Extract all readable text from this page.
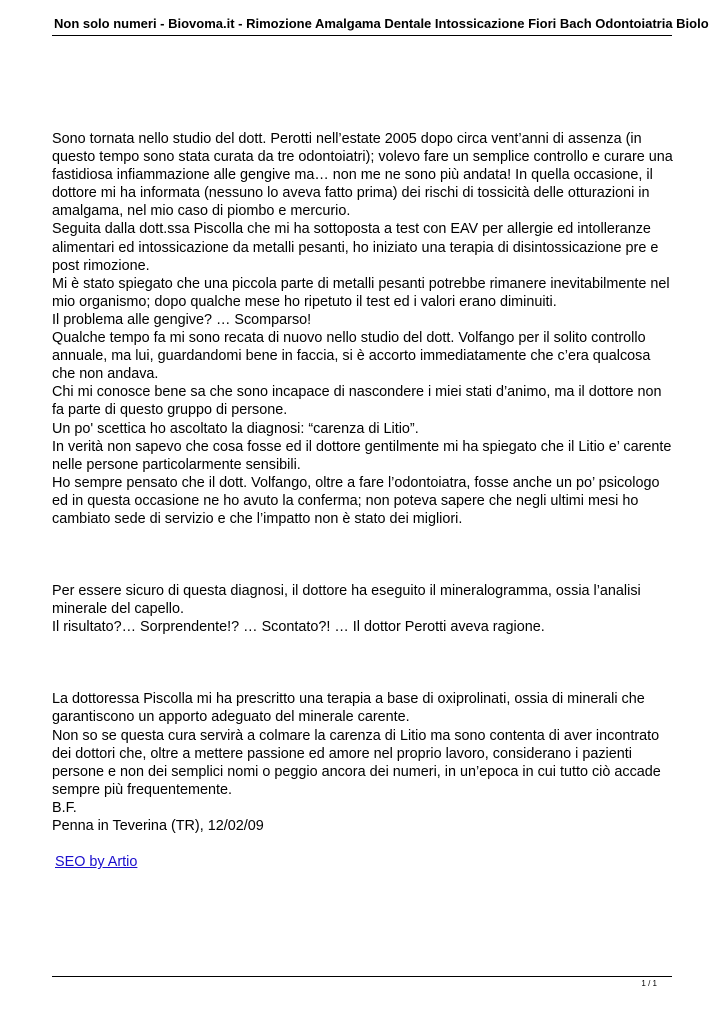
Non solo numeri - Biovoma.it - Rimozione Amalgama Dentale Intossicazione Fiori Bach Odontoiatria Biolo

Sono tornata nello studio del dott. Perotti nell’estate 2005 dopo circa vent’anni di assenza (in questo tempo sono stata curata da tre odontoiatri); volevo fare un semplice controllo e curare una fastidiosa infiammazione alle gengive ma… non me ne sono più andata! In quella occasione, il dottore mi ha informata (nessuno lo aveva fatto prima) dei rischi di tossicità delle otturazioni in amalgama, nel mio caso di piombo e mercurio.

Seguita dalla dott.ssa Piscolla che mi ha sottoposta a test con EAV per allergie ed intolleranze alimentari ed intossicazione da metalli pesanti, ho iniziato una terapia di disintossicazione pre e post rimozione.

Mi è stato spiegato che una piccola parte di metalli pesanti potrebbe rimanere inevitabilmente nel mio organismo; dopo qualche mese ho ripetuto il test ed i valori erano diminuiti.

Il problema alle gengive? … Scomparso!

Qualche tempo fa mi sono recata di nuovo nello studio del dott. Volfango per il solito controllo annuale, ma lui, guardandomi bene in faccia, si è accorto immediatamente che c’era qualcosa che non andava.

Chi mi conosce bene sa che sono incapace di nascondere i miei stati d’animo, ma il dottore non fa parte di questo gruppo di persone.

Un po' scettica ho ascoltato la diagnosi: “carenza di Litio”.

In verità non sapevo che cosa fosse ed il dottore gentilmente mi ha spiegato che il Litio e’ carente nelle persone particolarmente sensibili.

Ho sempre pensato che il dott. Volfango, oltre a fare l’odontoiatra, fosse anche un po’ psicologo ed in questa occasione ne ho avuto la conferma; non poteva sapere che negli ultimi mesi ho cambiato sede di servizio e che l’impatto non è stato dei migliori.

Per essere sicuro di questa diagnosi, il dottore ha eseguito il mineralogramma, ossia l’analisi minerale del capello.

Il risultato?… Sorprendente!? … Scontato?! … Il dottor Perotti aveva ragione.

La dottoressa Piscolla mi ha prescritto una terapia a base di oxiprolinati, ossia di minerali che garantiscono un apporto adeguato del minerale carente.

Non so se questa cura servirà a colmare la carenza di Litio ma sono contenta di aver incontrato dei dottori che, oltre a mettere passione ed amore nel proprio lavoro, considerano i pazienti persone e non dei semplici nomi o peggio ancora dei numeri, in un’epoca in cui tutto ciò accade sempre più frequentemente.

B.F.

Penna in Teverina (TR), 12/02/09

SEO by Artio
1 / 1
